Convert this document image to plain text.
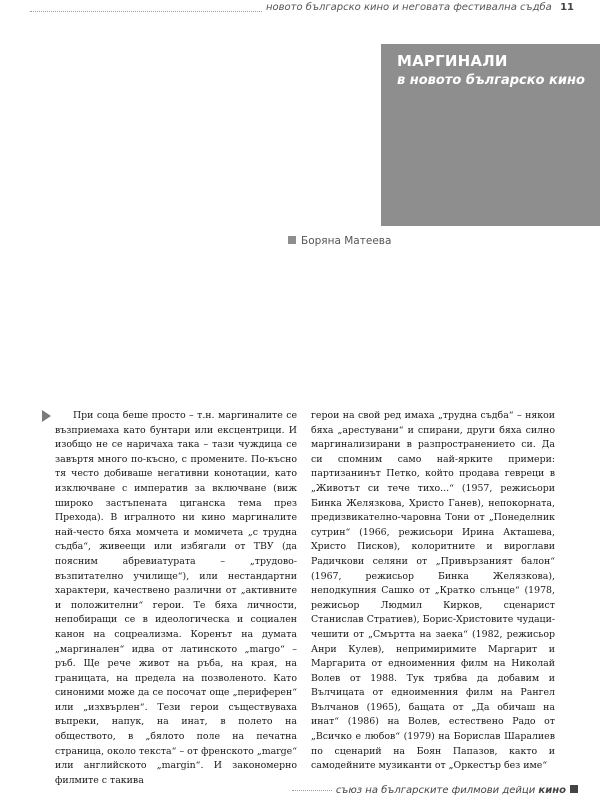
новото българско кино и неговата фестивална съдба 11
МАРГИНАЛИ
в новото българско кино
Боряна Матеева

При соца беше просто – т.н. маргиналите се възприемаха като бунтари или ексцентрици. И изобщо не се наричаха така – тази чуждица се завъртя много по-късно, с промените. По-късно тя често добиваше негативни конотации, като изключване с императив за включване (виж широко застъпената циганска тема през Прехода). В игралното ни кино маргиналите най-често бяха момчета и момичета „с трудна съдба“, живеещи или избягали от ТВУ (да поясним абревиатурата – „трудово-възпитателно училище“), или нестандартни характери, качествено различни от „активните и положителни“ герои. Те бяха личности, непобиращи се в идеологическа и социален канон на соцреализма. Коренът на думата „маргинален“ идва от латинското „margo“ – ръб. Ще рече живот на ръба, на края, на границата, на предела на позволеното. Като синоними може да се посочат още „периферен“ или „изхвърлен“. Тези герои съществуваха въпреки, напук, на инат, в полето на обществото, в „бялото поле на печатна страница, около текста“ – от френското „marge“ или английското „margin“. И закономерно филмите с такива

герои на свой ред имаха „трудна съдба“ – някои бяха „арестувани“ и спирани, други бяха силно маргинализирани в разпространението си. Да си спомним само най-ярките примери: партизанинът Петко, който продава гевреци в „Животът си тече тихо...“ (1957, режисьори Бинка Желязкова, Христо Ганев), непокорната, предизвикателно-чаровна Тони от „Понеделник сутрин“ (1966, режисьори Ирина Акташева, Христо Писков), колоритните и вироглави Радичкови селяни от „Привързаният балон“ (1967, режисьор Бинка Желязкова), неподкупния Сашко от „Кратко слънце“ (1978, режисьор Людмил Кирков, сценарист Станислав Стратиев), Борис-Христовите чудаци-чешити от „Смъртта на заека“ (1982, режисьор Анри Кулев), непримиримите Маргарит и Маргарита от едноименния филм на Николай Волев от 1988. Тук трябва да добавим и Вълчицата от едноименния филм на Рангел Вълчанов (1965), бащата от „Да обичаш на инат“ (1986) на Волев, естествено Радо от „Всичко е любов“ (1979) на Борислав Шаралиев по сценарий на Боян Папазов, както и самодейните музиканти от „Оркестър без име“

съюз на българските филмови дейци кино
